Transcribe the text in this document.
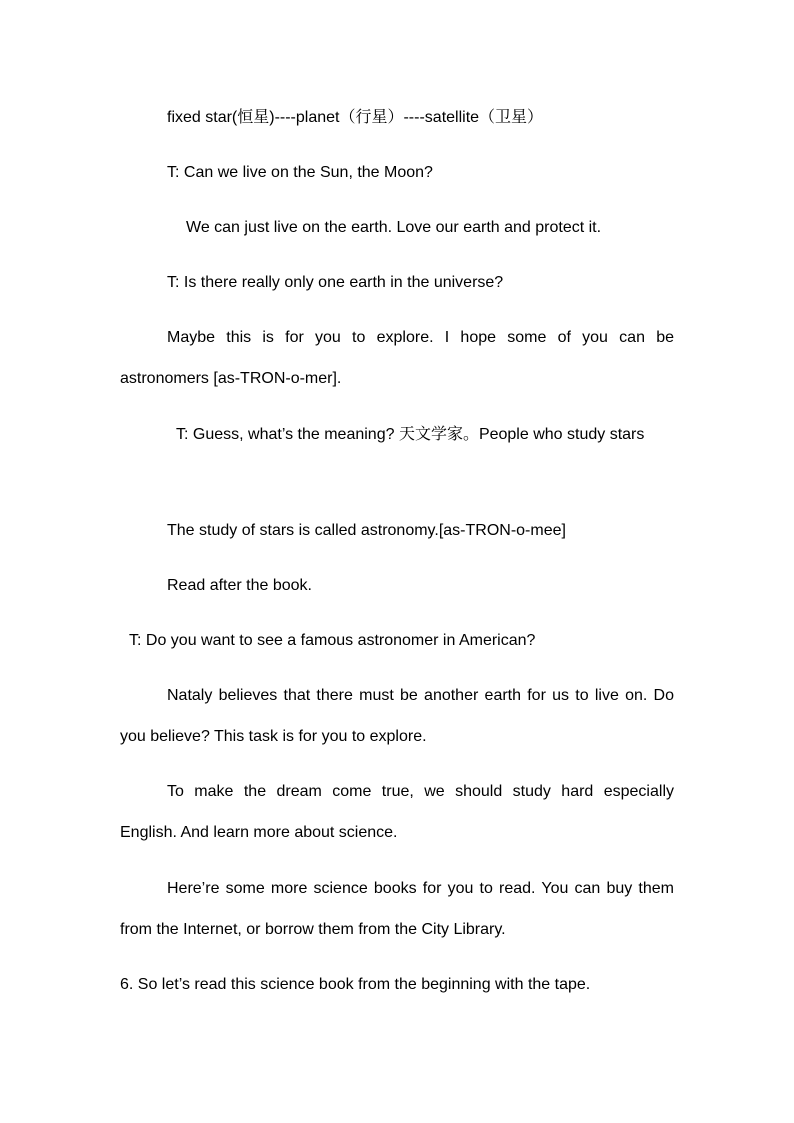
fixed star(恒星)----planet（行星）----satellite（卫星）

T: Can we live on the Sun, the Moon?

We can just live on the earth. Love our earth and protect it.

T: Is there really only one earth in the universe?

Maybe this is for you to explore. I hope some of you can be astronomers [as-TRON-o-mer].

T: Guess, what’s the meaning? 天文学家。People who study stars

The study of stars is called astronomy.[as-TRON-o-mee]

Read after the book.

T: Do you want to see a famous astronomer in American?

Nataly believes that there must be another earth for us to live on. Do you believe? This task is for you to explore.

To make the dream come true, we should study hard especially English. And learn more about science.

Here’re some more science books for you to read. You can buy them from the Internet, or borrow them from the City Library.

6. So let’s read this science book from the beginning with the tape.
